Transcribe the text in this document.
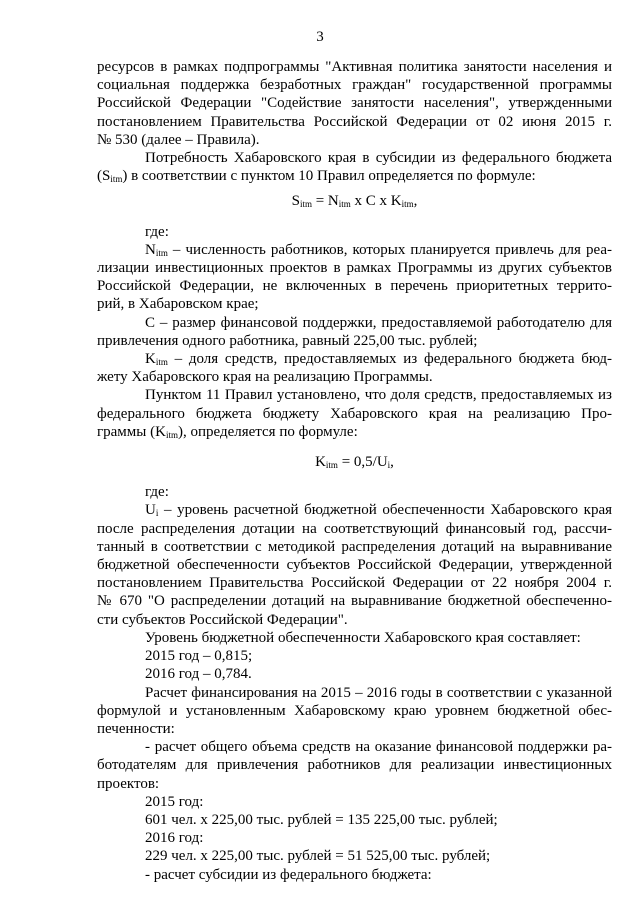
3

ресурсов в рамках подпрограммы "Активная политика занятости населения и

социальная поддержка безработных граждан" государственной программы

Российской Федерации "Содействие занятости населения", утвержденными

постановлением Правительства Российской Федерации от 02 июня 2015 г.

№ 530 (далее – Правила).

Потребность Хабаровского края в субсидии из федерального бюджета

$(S_{itm})$ в соответствии с пунктом 10 Правил определяется по формуле:

$S_{itm} = N_{itm}$ x C x $K_{itm}$,

где:

$N_{itm}$ – численность работников, которых планируется привлечь для реа-

лизации инвестиционных проектов в рамках Программы из других субъектов

Российской Федерации, не включенных в перечень приоритетных террито-

рий, в Хабаровском крае;

С – размер финансовой поддержки, предоставляемой работодателю для

привлечения одного работника, равный 225,00 тыс. рублей;

$K_{itm}$ – доля средств, предоставляемых из федерального бюджета бюд-

жету Хабаровского края на реализацию Программы.

Пунктом 11 Правил установлено, что доля средств, предоставляемых из

федерального бюджета бюджету Хабаровского края на реализацию Про-

граммы $(K_{itm})$, определяется по формуле:

$K_{itm} = 0,5/U_i$,

где:

$U_i$ – уровень расчетной бюджетной обеспеченности Хабаровского края

после распределения дотации на соответствующий финансовый год, рассчи-

танный в соответствии с методикой распределения дотаций на выравнивание

бюджетной обеспеченности субъектов Российской Федерации, утвержденной

постановлением Правительства Российской Федерации от 22 ноября 2004 г.

№ 670 "О распределении дотаций на выравнивание бюджетной обеспеченно-

сти субъектов Российской Федерации".

Уровень бюджетной обеспеченности Хабаровского края составляет:

2015 год – 0,815;

2016 год – 0,784.

Расчет финансирования на 2015 – 2016 годы в соответствии с указанной

формулой и установленным Хабаровскому краю уровнем бюджетной обес-

печенности:

- расчет общего объема средств на оказание финансовой поддержки ра-

ботодателям для привлечения работников для реализации инвестиционных

проектов:

2015 год:

601 чел. х 225,00 тыс. рублей = 135 225,00 тыс. рублей;

2016 год:

229 чел. х 225,00 тыс. рублей = 51 525,00 тыс. рублей;

- расчет субсидии из федерального бюджета:
